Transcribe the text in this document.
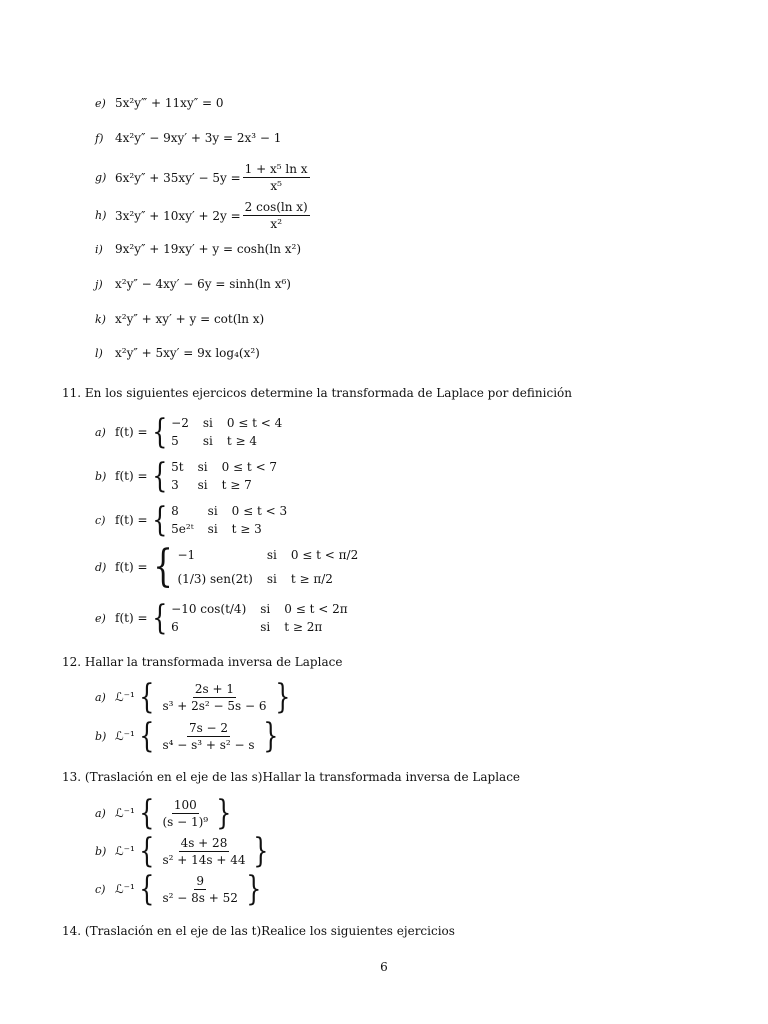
e) 5x²y‴ + 11xy″ = 0
f) 4x²y″ − 9xy′ + 3y = 2x³ − 1
g) $6x^2y'' + 35xy' - 5y = \frac{\text{1 + x⁵ ln x}}{\text{x⁵}}$
h) $3x^2y'' + 10xy' + 2y = \frac{\text{2 cos(ln x)}}{\text{x²}}$
i)	9x²y″ + 19xy′ + y = cosh(ln x²)
j)	x²y″ − 4xy′ − 6y = sinh(ln x⁶)
k) x²y″ + xy′ + y = cot(ln x)
l)	x²y″ + 5xy′ = 9x log₄(x²)
11. En los siguientes ejercicos determine la transformada de Laplace por definición
a) f(t) = { −2 si 0 ≤ t < 4
5	si t ≥ 4
b) f(t) = { 5t si 0 ≤ t < 7
3	si t ≥ 7
c) f(t) = { 8	si 0 ≤ t < 3
5e²ᵗ si t ≥ 3
d) f(t) = { −1	si 0 ≤ t < π/2
(1/3) sen(2t) si t ≥ π/2
e) f(t) = { −10 cos(t/4) si 0 ≤ t < 2π
6	si t ≥ 2π
12. Hallar la transformada inversa de Laplace
a) ℒ⁻¹ { $\frac{2s + 1}{\text{s³ + 2s² − 5s − 6}}$ }
b) ℒ⁻¹ { $\frac{7s - 2}{\text{s⁴ − s³ + s² − s}}$ }
13. (Traslación en el eje de las s)Hallar la transformada inversa de Laplace
a) ℒ⁻¹ { $\frac{100}{\text{(s − 1)⁹}}$ }
b) ℒ⁻¹ { $\frac{4s + 28}{\text{s² + 14s + 44}}$ }
c) ℒ⁻¹ { $\frac{9}{\text{s² − 8s + 52}}$ }
14. (Traslación en el eje de las t)Realice los siguientes ejercicios
6
